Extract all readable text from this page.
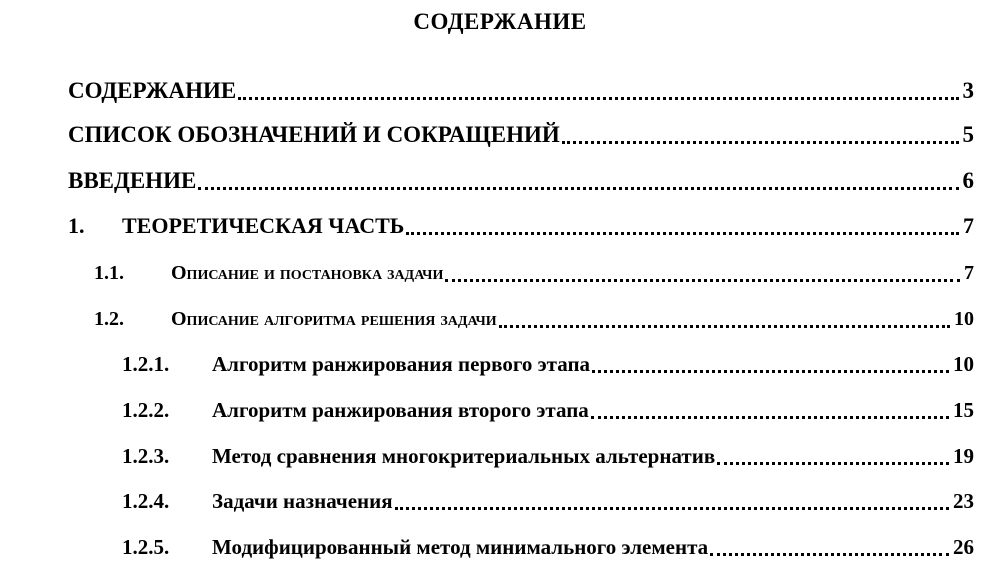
СОДЕРЖАНИЕ
СОДЕРЖАНИЕ	3
СПИСОК ОБОЗНАЧЕНИЙ И СОКРАЩЕНИЙ	5
ВВЕДЕНИЕ	6
1.	ТЕОРЕТИЧЕСКАЯ ЧАСТЬ	7
1.1.	Описание и постановка задачи	7
1.2.	Описание алгоритма решения задачи	10
1.2.1.	Алгоритм ранжирования первого этапа	10
1.2.2.	Алгоритм ранжирования второго этапа	15
1.2.3.	Метод сравнения многокритериальных альтернатив	19
1.2.4.	Задачи назначения	23
1.2.5.	Модифицированный метод минимального элемента	26
